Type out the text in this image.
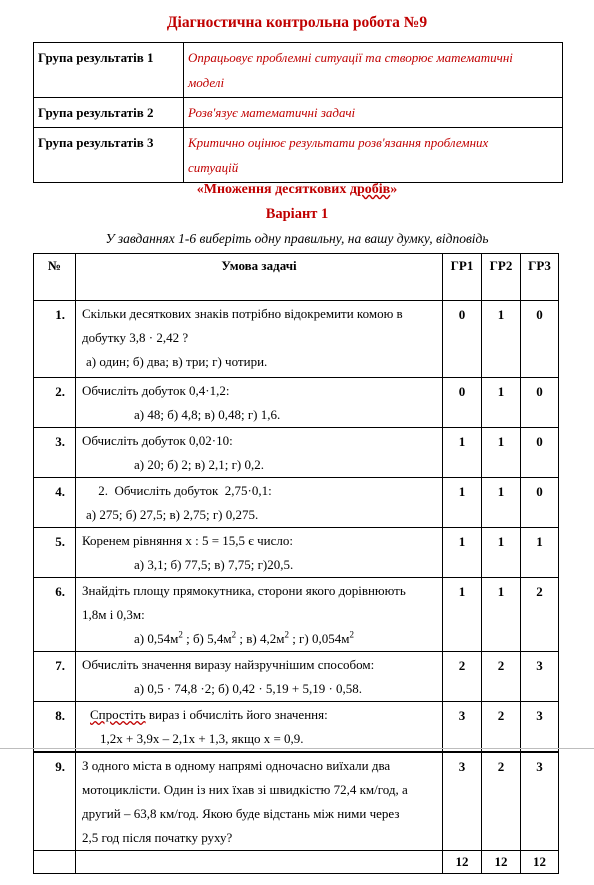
Діагностична контрольна робота №9
Група результатів 1	Опрацьовує проблемні ситуації та створює математичні
моделі
Група результатів 2	Розв'язує математичні задачі
Група результатів 3	Критично оцінює результати розв'язання проблемних
ситуацій
«Множення десяткових дробів»
Варіант 1
У завданнях 1-6 виберіть одну правильну, на вашу думку, відповідь
№	Умова задачі	ГР1	ГР2	ГР3
1.	Скільки десяткових знаків потрібно відокремити комою в
добутку 3,8 · 2,42 ?
а) один; б) два; в) три; г) чотири.	0	1	0
2.	Обчисліть добуток 0,4·1,2:
а) 48; б) 4,8; в) 0,48; г) 1,6.	0	1	0
3.	Обчисліть добуток 0,02·10:
а) 20; б) 2; в) 2,1; г) 0,2.	1	1	0
4.	2.  Обчисліть добуток  2,75·0,1:
а) 275; б) 27,5; в) 2,75; г) 0,275.	1	1	0
5.	Коренем рівняння х : 5 = 15,5 є число:
а) 3,1; б) 77,5; в) 7,75; г)20,5.	1	1	1
6.	Знайдіть площу прямокутника, сторони якого дорівнюють
1,8м і 0,3м:
а) $0,54м^2$ ; б) $5,4м^2$ ; в) $4,2м^2$ ; г) $0,054м^2$	1	1	2
7.	Обчисліть значення виразу найзручнішим способом:
а) 0,5 · 74,8 ·2; б) 0,42 · 5,19 + 5,19 · 0,58.	2	2	3
8.	Спростіть вираз і обчисліть його значення:
1,2х + 3,9х – 2,1х + 1,3, якщо х = 0,9.	3	2	3
9.	З одного міста в одному напрямі одночасно виїхали два
мотоциклісти. Один із них їхав зі швидкістю 72,4 км/год, а
другий – 63,8 км/год. Якою буде відстань між ними через
2,5 год після початку руху?	3	2	3
		12	12	12
